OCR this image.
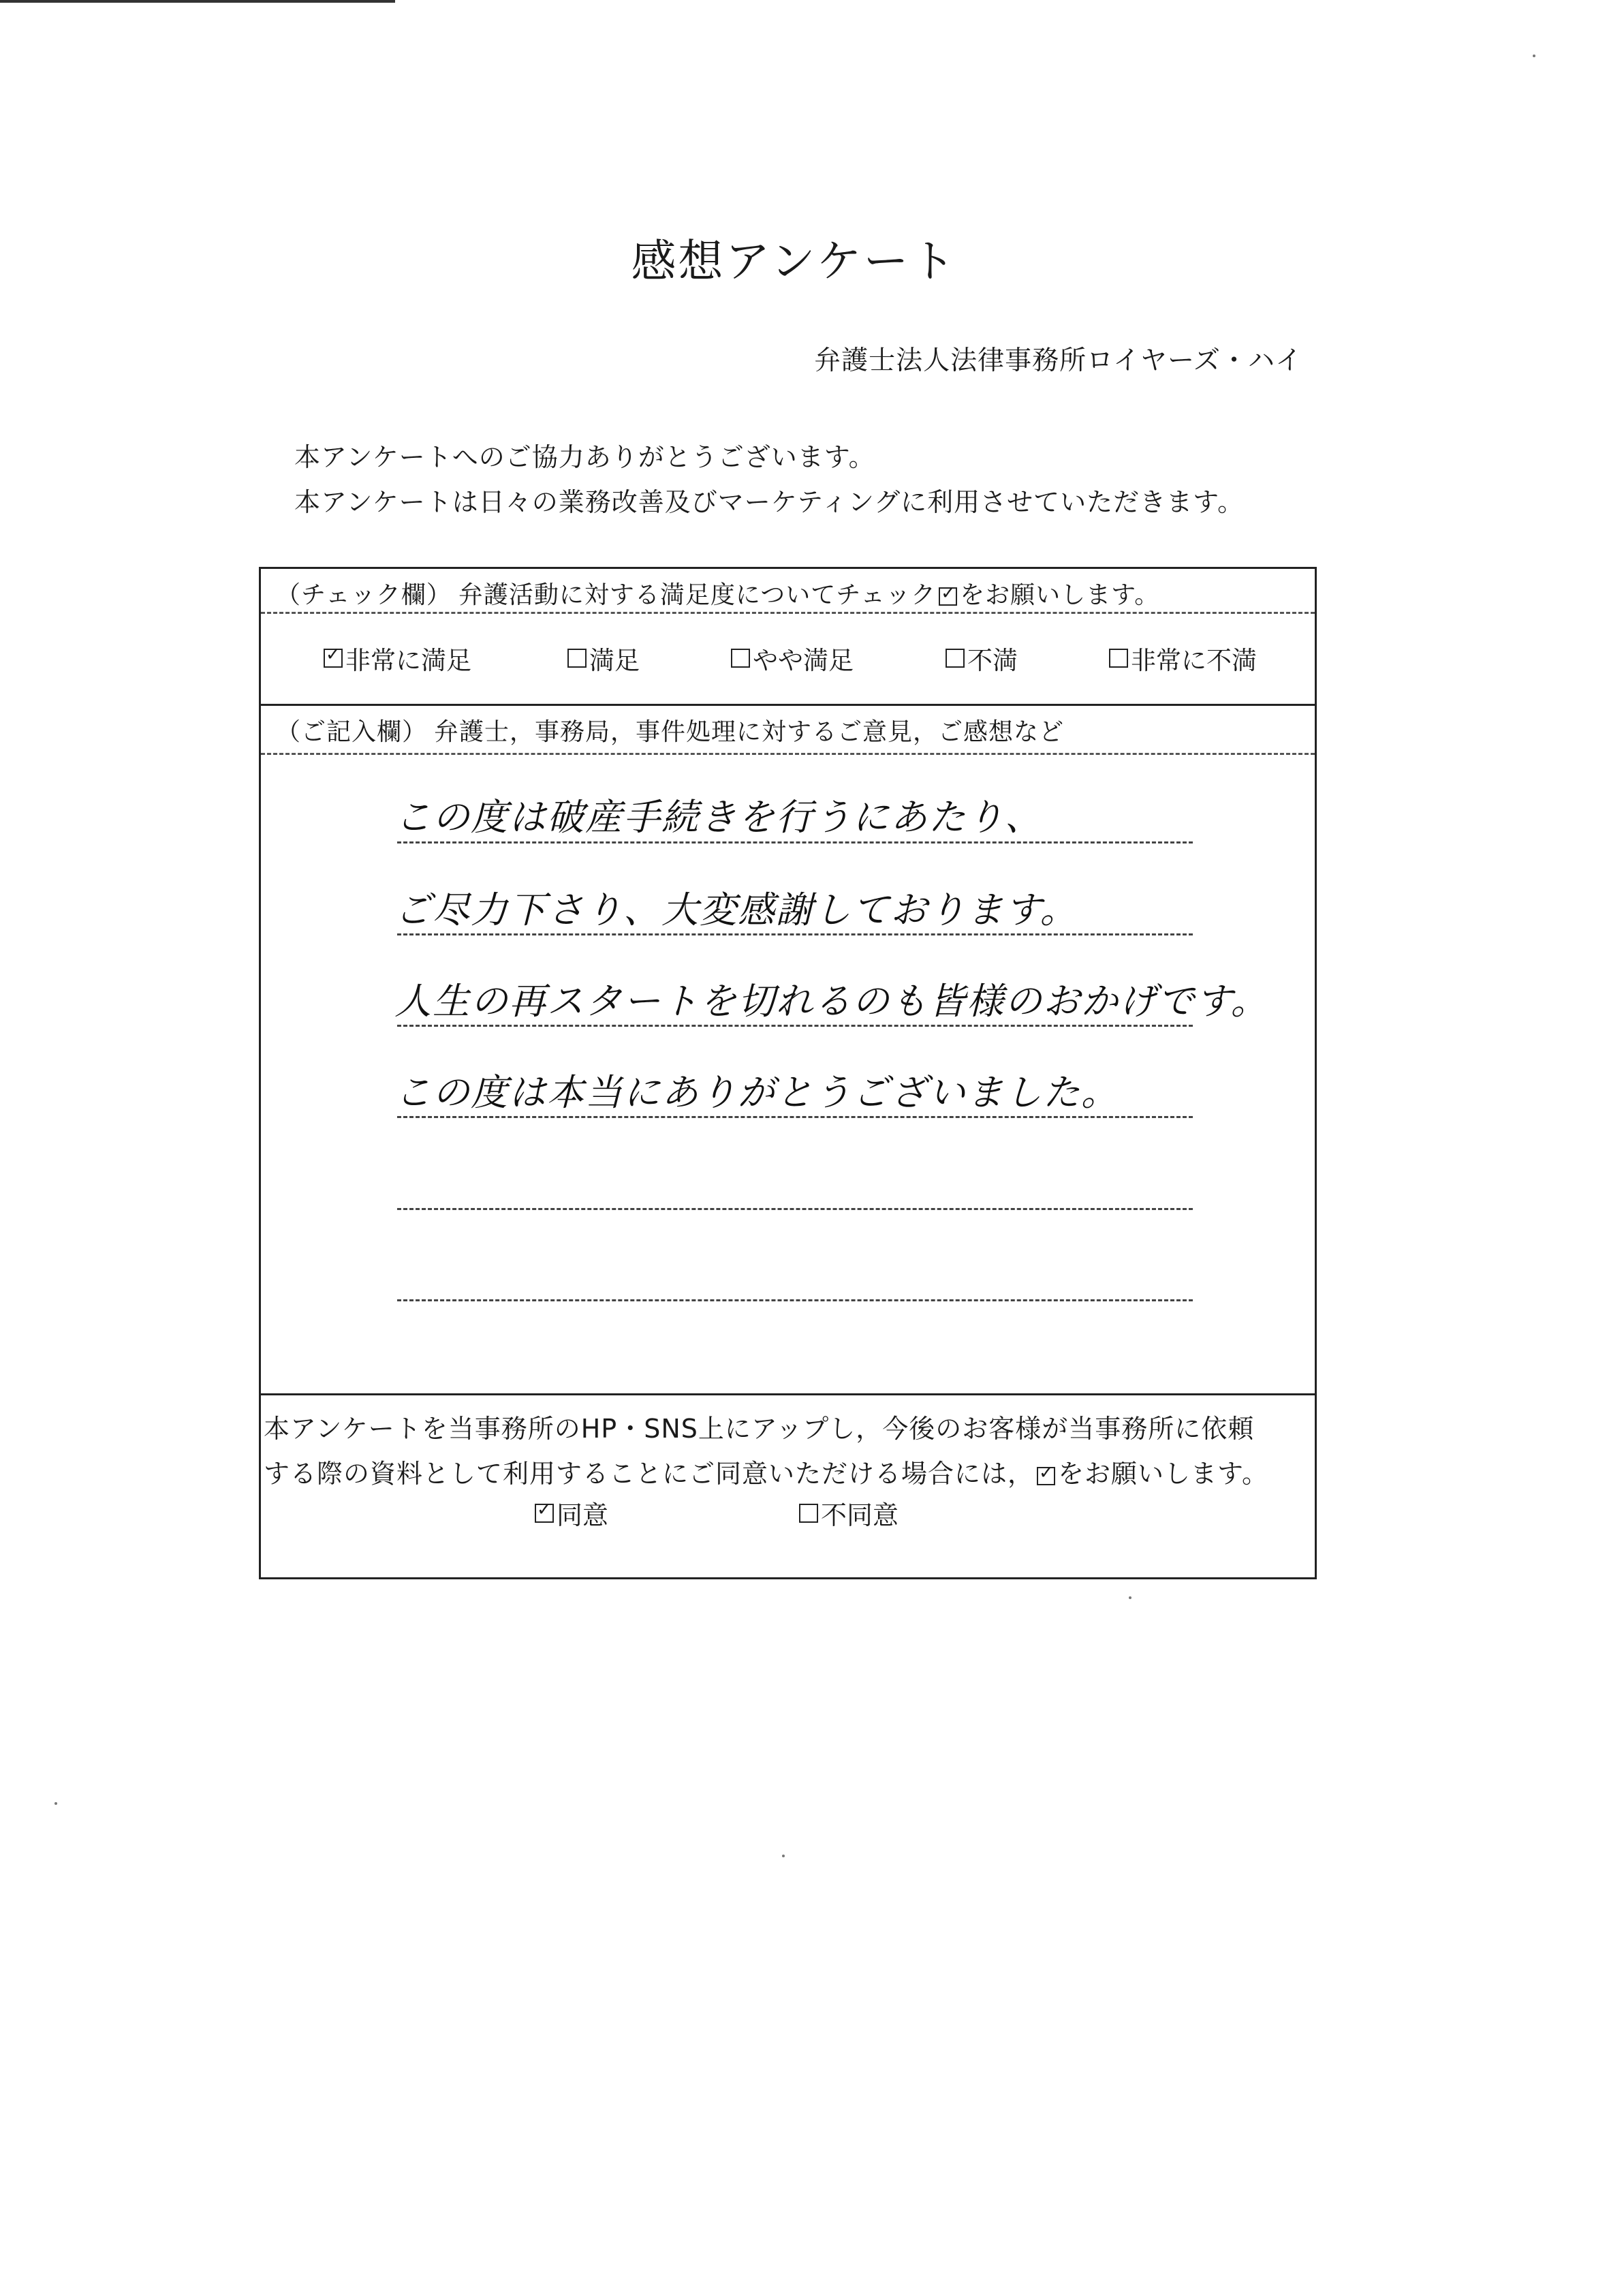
感想アンケート
弁護士法人法律事務所ロイヤーズ・ハイ

本アンケートへのご協力ありがとうございます。

本アンケートは日々の業務改善及びマーケティングに利用させていただきます。

（チェック欄） 弁護活動に対する満足度についてチェック ✓ をお願いします。
✓ 非常に満足	満足	やや満足	不満	非常に不満
（ご記入欄） 弁護士，事務局，事件処理に対するご意見，ご感想など
この度は破産手続きを行うにあたり、
ご尽力下さり、大変感謝しております。
人生の再スタートを切れるのも皆様のおかげです。
この度は本当にありがとうございました。
本アンケートを当事務所のHP・SNS上にアップし，今後のお客様が当事務所に依頼
する際の資料として利用することにご同意いただける場合には， ✓ をお願いします。
✓ 同意	不同意
